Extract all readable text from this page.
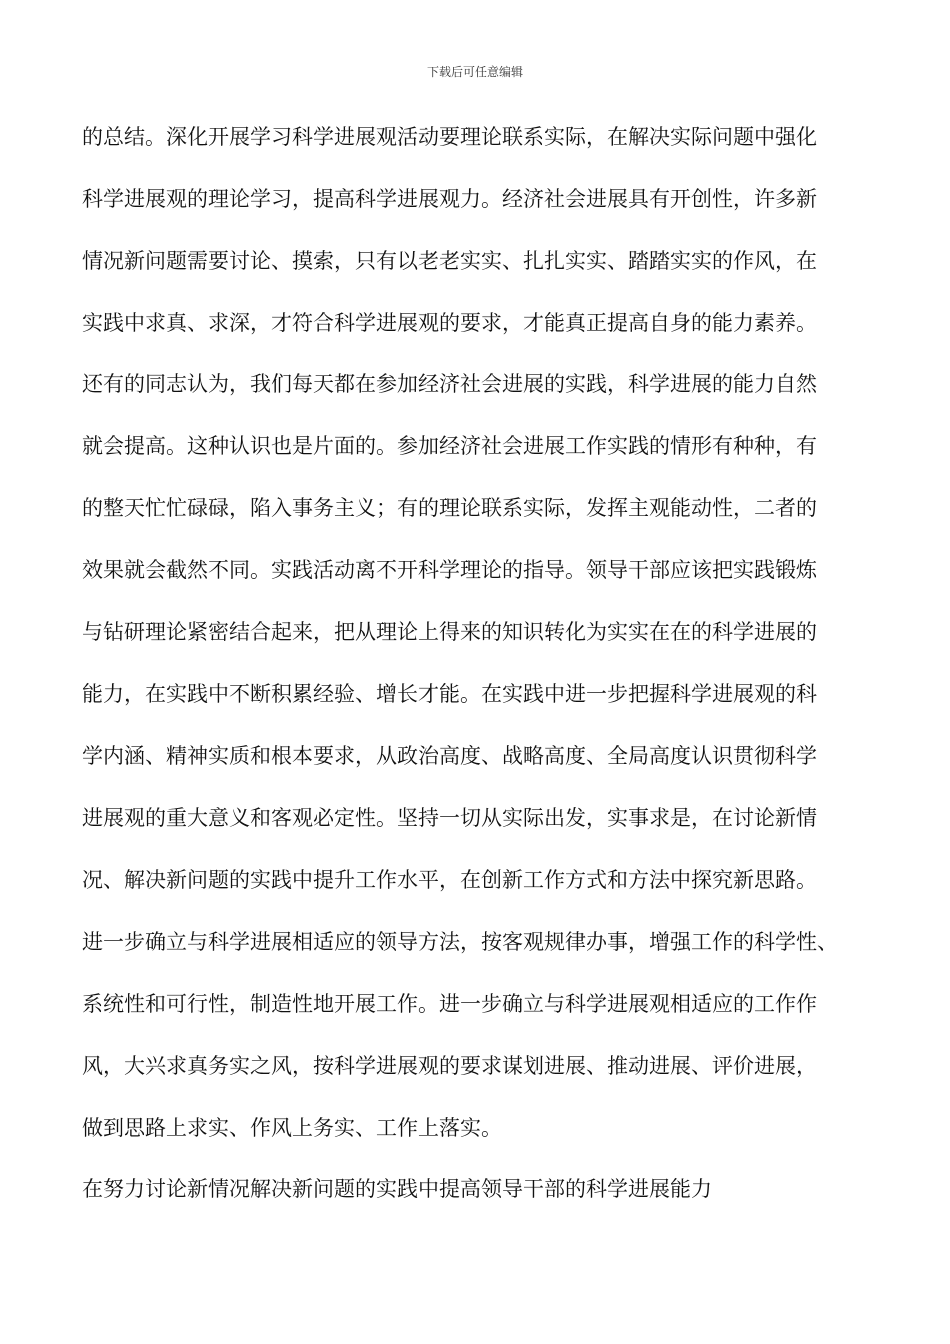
下载后可任意编辑
的总结。深化开展学习科学进展观活动要理论联系实际，在解决实际问题中强化
科学进展观的理论学习，提高科学进展观力。经济社会进展具有开创性，许多新
情况新问题需要讨论、摸索，只有以老老实实、扎扎实实、踏踏实实的作风，在
实践中求真、求深，才符合科学进展观的要求，才能真正提高自身的能力素养。
还有的同志认为，我们每天都在参加经济社会进展的实践，科学进展的能力自然
就会提高。这种认识也是片面的。参加经济社会进展工作实践的情形有种种，有
的整天忙忙碌碌，陷入事务主义；有的理论联系实际，发挥主观能动性，二者的
效果就会截然不同。实践活动离不开科学理论的指导。领导干部应该把实践锻炼
与钻研理论紧密结合起来，把从理论上得来的知识转化为实实在在的科学进展的
能力，在实践中不断积累经验、增长才能。在实践中进一步把握科学进展观的科
学内涵、精神实质和根本要求，从政治高度、战略高度、全局高度认识贯彻科学
进展观的重大意义和客观必定性。坚持一切从实际出发，实事求是，在讨论新情
况、解决新问题的实践中提升工作水平，在创新工作方式和方法中探究新思路。
进一步确立与科学进展相适应的领导方法，按客观规律办事，增强工作的科学性、
系统性和可行性，制造性地开展工作。进一步确立与科学进展观相适应的工作作
风，大兴求真务实之风，按科学进展观的要求谋划进展、推动进展、评价进展，
做到思路上求实、作风上务实、工作上落实。
在努力讨论新情况解决新问题的实践中提高领导干部的科学进展能力
